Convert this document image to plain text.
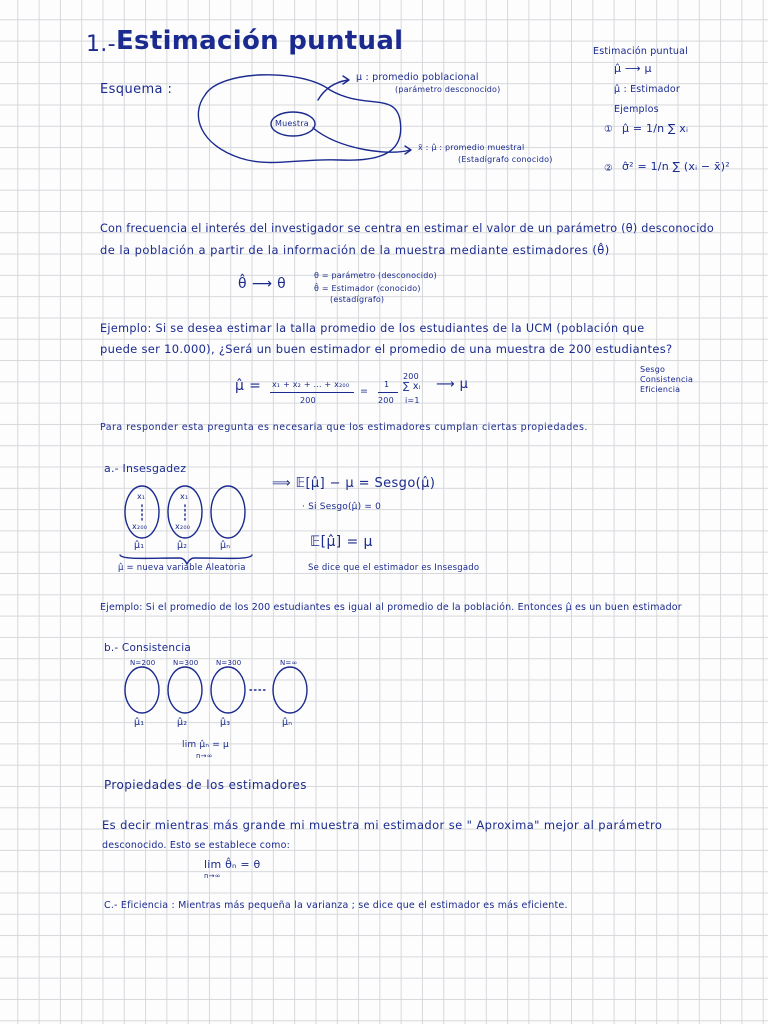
1.- Estimación puntual
Esquema :
Muestra
μ : promedio poblacional
(parámetro desconocido)
x̄ : μ̂ : promedio muestral
(Estadígrafo conocido)
Estimación puntual
μ̂ ⟶ μ
μ̂ : Estimador
Ejemplos
① μ̂ = 1/n ∑ xᵢ
② σ̂² = 1/n ∑ (xᵢ − x̄)²
Con frecuencia el interés del investigador se centra en estimar el valor de un parámetro (θ) desconocido
de la población a partir de la información de la muestra mediante estimadores (θ̂)
θ̂ ⟶ θ
θ = parámetro (desconocido)
θ̂ = Estimador (conocido)
(estadígrafo)
Ejemplo: Si se desea estimar la talla promedio de los estudiantes de la UCM (población que
puede ser 10.000), ¿Será un buen estimador el promedio de una muestra de 200 estudiantes?
μ̂ = x₁ + x₂ + ... + x₂₀₀
200
=
1
200
200
∑ xᵢ
i=1
⟶ μ
Sesgo
Consistencia
Eficiencia
Para responder esta pregunta es necesaria que los estimadores cumplan ciertas propiedades.
a.- Insesgadez
x₁
x₂₀₀
x₁
x₂₀₀
μ̂₁	μ̂₂	μ̂ₙ
μ̂ = nueva variable Aleatoria
⟹ 𝔼[μ̂] − μ = Sesgo(μ̂)
· Si Sesgo(μ̂) = 0
𝔼[μ̂] = μ
Se dice que el estimador es Insesgado
Ejemplo: Si el promedio de los 200 estudiantes es igual al promedio de la población. Entonces μ̂ es un buen estimador
b.- Consistencia
N=200	N=300	N=300	N=∞
μ̂₁	μ̂₂	μ̂₃	μ̂ₙ
lim μ̂ₙ = μ
n→∞
Propiedades de los estimadores
Es decir mientras más grande mi muestra mi estimador se " Aproxima" mejor al parámetro
desconocido. Esto se establece como:
lim θ̂ₙ = θ
n→∞
C.- Eficiencia : Mientras más pequeña la varianza ; se dice que el estimador es más eficiente.
